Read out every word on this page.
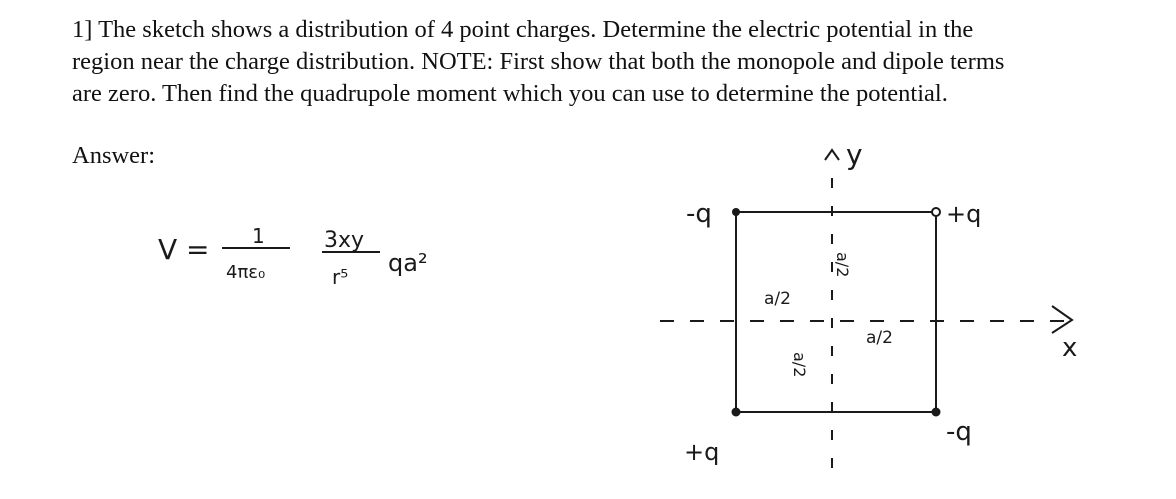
1] The sketch shows a distribution of 4 point charges. Determine the electric potential in the
region near the charge distribution. NOTE: First show that both the monopole and dipole terms
are zero. Then find the quadrupole moment which you can use to determine the potential.
Answer:
V = 1
4πε₀
3xy
r⁵ qa²
x
y
-q	+q
+q
-q
a/2
a/2
a/2
a/2
